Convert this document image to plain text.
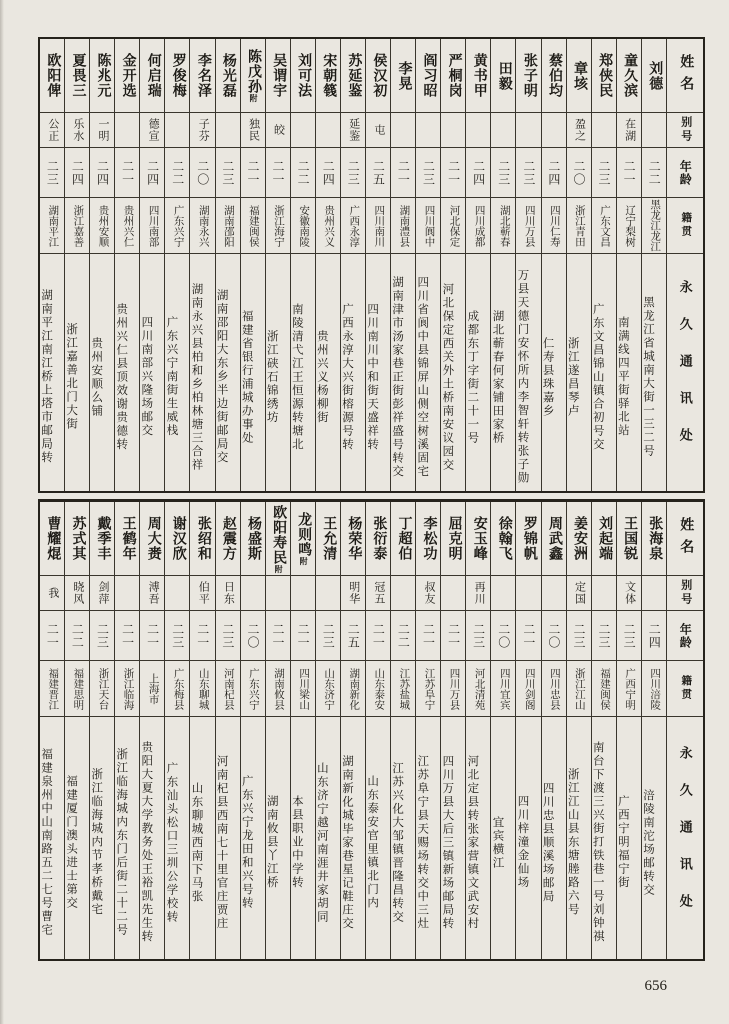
欧阳俾
公正
二三
湖南平江
湖南平江南江桥上塔市邮局转
夏畏三
乐水
二四
浙江嘉善
浙江嘉善北门大街
陈兆元
一明
二四
贵州安顺
贵州安顺么铺
金开选
二一
贵州兴仁
贵州兴仁县顶效谢贵德转
何启瑞
德宣
二四
四川南部
四川南部兴隆场邮交
罗俊梅
二二
广东兴宁
广东兴宁南街生威栈
李名泽
子芬
二〇
湖南永兴
湖南永兴县柏和乡柏林塘三合祥
杨光磊
二三
湖南邵阳
湖南邵阳大东乡半边街邮局交
陈戊孙附
独民
二一
福建闽侯
福建省银行浦城办事处
吴谓宇
皎
二一
浙江海宁
浙江硖石锦绣坊
刘可法
二二
安徽南陵
南陵清弋江王恒源转塘北
宋朝篯
二四
贵州兴义
贵州兴义杨柳街
苏延鉴
延鉴
二三
广西永淳
广西永淳大兴街榕源号转
侯汉初
屯
二五
四川南川
四川南川中和街天盛祥转
李晃
二一
湖南澧县
湖南津市汤家巷正街彭祥盛号转交
阎习昭
二三
四川阆中
四川省阆中县锦屏山侧空树溪固宅
严桐岗
二一
河北保定
河北保定西关外土桥南安议园交
黄书甲
二四
四川成都
成都东丁字街二十一号
田毅
二三
湖北蕲春
湖北蕲春何家铺田家桥
张子明
二三
四川万县
万县天德门安怀所内李智轩转张子勋
蔡伯均
二四
四川仁寿
仁寿县珠嘉乡
章垓
盈之
二〇
浙江青田
浙江遂昌琴卢
郑侠民
二三
广东文昌
广东文昌锦山镇合初号交
童久滨
在湖
二一
辽宁梨树
南满线四平街驿北站
刘德
二二
黑龙江龙江
黑龙江省城南大街一三二号
姓名
别号
年龄
籍贯
永久通讯处
曹耀焜
我
二一
福建晋江
福建泉州中山南路五二七号曹宅
苏式其
晓风
二二
福建思明
福建厦门澳头进士第交
戴季丰
剑萍
二三
浙江天台
浙江临海城内节孝桥戴宅
王鹤年
二一
浙江临海
浙江临海城内东门后街二十二号
周大赉
溥吾
二一
上海市
贵阳大夏大学教务处王裕凯先生转
谢汉欣
二三
广东梅县
广东汕头松口三圳公学校转
张绍和
伯平
二一
山东聊城
山东聊城西南下马张
赵震方
日东
二三
河南杞县
河南杞县西南七十里官庄贾庄
杨盛斯
二〇
广东兴宁
广东兴宁龙田和兴号转
欧阳寿民附
二一
湖南攸县
湖南攸县丫江桥
龙则鸣附
二一
四川梁山
本县职业中学转
王允清
二三
山东济宁
山东济宁越河南涯井家胡同
杨荣华
明华
二五
湖南新化
湖南新化城毕家巷星记鞋庄交
张衍泰
冠五
二一
山东泰安
山东泰安官里镇北门内
丁超伯
二二
江苏盐城
江苏兴化大邹镇晋隆昌转交
李松功
叔友
二一
江苏阜宁
江苏阜宁县天赐场转交中三灶
屈克明
二一
四川万县
四川万县大后三镇新场邮局转
安玉峰
再川
二三
河北清苑
河北定县转张家营镇文武安村
徐翰飞
二〇
四川宜宾
宜宾横江
罗锦帆
二一
四川剑阁
四川梓潼金仙场
周武鑫
二〇
四川忠县
四川忠县顺溪场邮局
姜安洲
定国
二三
浙江江山
浙江江山县东塘塍路六号
刘起端
二三
福建闽侯
南台下渡三兴街打铁巷一号刘钟祺
王国锐
文体
二三
广西宁明
广西宁明福宁街
张海泉
二四
四川涪陵
涪陵南沱场邮转交
姓名
别号
年龄
籍贯
永久通讯处
656
